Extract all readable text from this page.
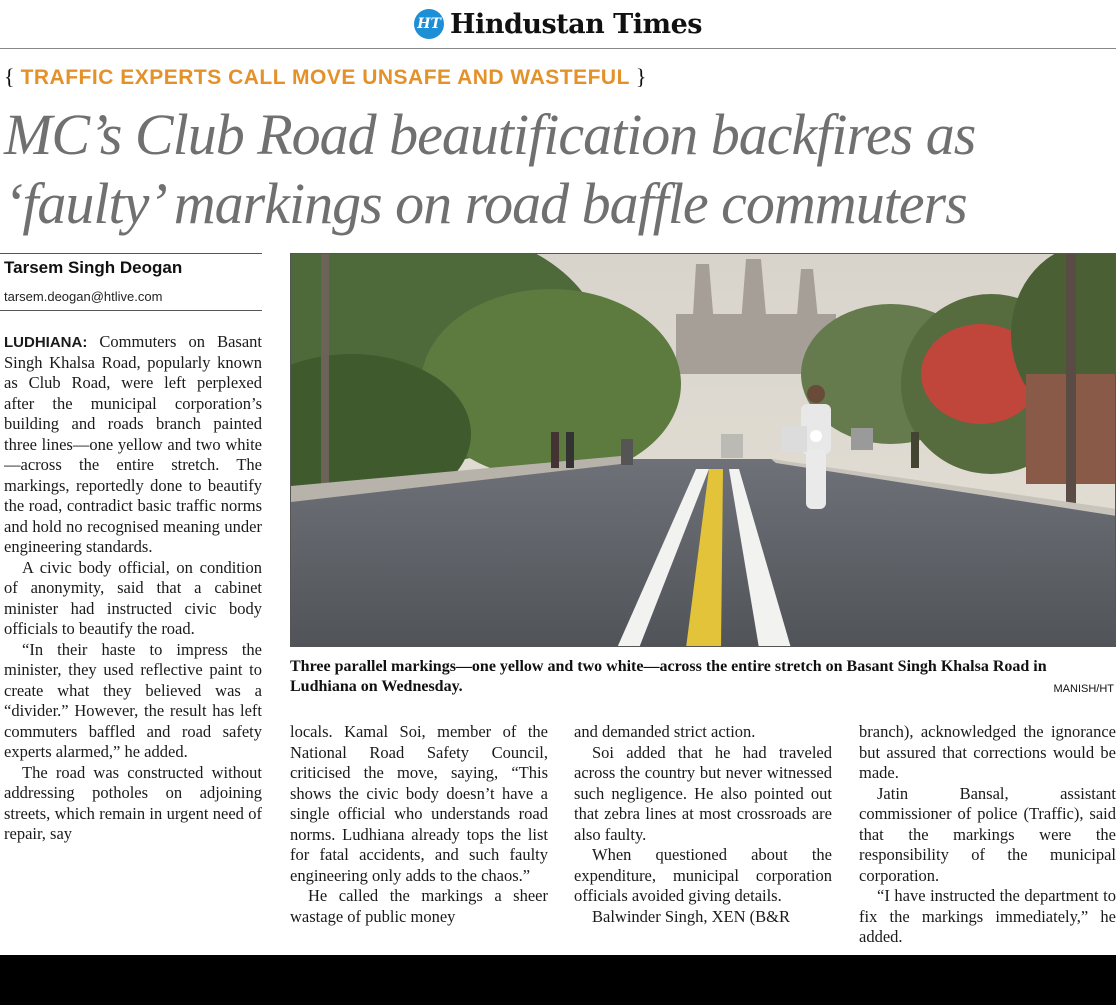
HT Hindustan Times
{ TRAFFIC EXPERTS CALL MOVE UNSAFE AND WASTEFUL }
MC’s Club Road beautification backfires as
‘faulty’ markings on road baffle commuters
Tarsem Singh Deogan
tarsem.deogan@htlive.com

LUDHIANA: Commuters on Basant Singh Khalsa Road, popularly known as Club Road, were left perplexed after the municipal corporation’s building and roads branch painted three lines—one yellow and two white—across the entire stretch. The markings, reportedly done to beautify the road, contradict basic traffic norms and hold no recognised meaning under engineering standards.

A civic body official, on condition of anonymity, said that a cabinet minister had instructed civic body officials to beautify the road.

“In their haste to impress the minister, they used reflective paint to create what they believed was a “divider.” However, the result has left commuters baffled and road safety experts alarmed,” he added.

The road was constructed without addressing potholes on adjoining streets, which remain in urgent need of repair, say

Three parallel markings—one yellow and two white—across the entire stretch on Basant Singh Khalsa Road in Ludhiana on Wednesday.	MANISH/HT

locals. Kamal Soi, member of the National Road Safety Council, criticised the move, saying, “This shows the civic body doesn’t have a single official who understands road norms. Ludhiana already tops the list for fatal accidents, and such faulty engineering only adds to the chaos.”

He called the markings a sheer wastage of public money

and demanded strict action.

Soi added that he had traveled across the country but never witnessed such negligence. He also pointed out that zebra lines at most crossroads are also faulty.

When questioned about the expenditure, municipal corporation officials avoided giving details.

Balwinder Singh, XEN (B&R

branch), acknowledged the ignorance but assured that corrections would be made.

Jatin Bansal, assistant commissioner of police (Traffic), said that the markings were the responsibility of the municipal corporation.

“I have instructed the department to fix the markings immediately,” he added.
